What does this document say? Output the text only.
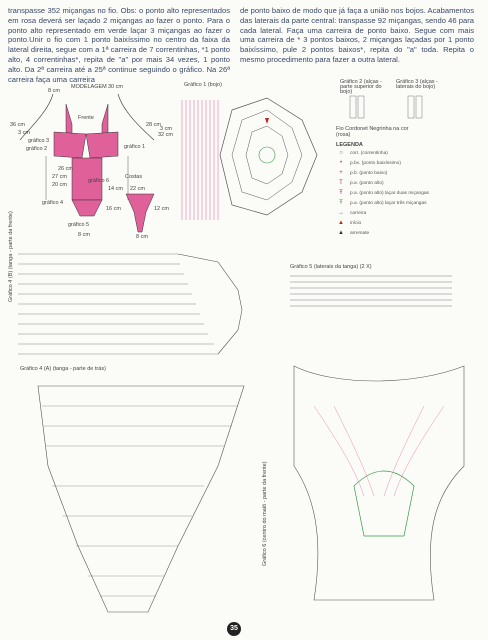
transpasse 352 miçangas no fio. Obs: o ponto alto representados em rosa deverá ser laçado 2 miçangas ao fazer o ponto. Para o ponto alto representado em verde laçar 3 miçangas ao fazer o ponto.Unir o fio com 1 ponto baixíssimo no centro da faixa da lateral direita, segue com a 1ª carreira de 7 correntinhas, *1 ponto alto, 4 correntinhas*, repita de "a" por mais 34 vezes, 1 ponto alto. Da 2ª carreira até a 25ª continue seguindo o gráfico. Na 26ª carreira faça uma carreira
de ponto baixo de modo que já faça a união nos bojos. Acabamentos das laterais da parte central: transpasse 92 miçangas, sendo 46 para cada lateral. Faça uma carreira de ponto baixo. Segue com mais uma carreira de * 3 pontos baixos, 2 miçangas laçadas por 1 ponto baixíssimo, pule 2 pontos baixos*, repita do "a" toda. Repita o mesmo procedimento para fazer a outra lateral.
MODELAGEM
Frente
Costas
3 cm
gráfico 3
gráfico 2	gráfico 1
gráfico 6
gráfico 4
gráfico 5
36 cm	28 cm
32 cm
30 cm
8 cm
16 cm
14 cm
20 cm
27 cm
12 cm
26 cm
22 cm
8 cm	8 cm
3 cm
Gráfico 1 (bojo)	Gráfico 2 (alças - parte superior do bojo)
Gráfico 3 (alças - laterais do bojo)
Fio Cordonet Negrinha na cor (rosa)
LEGENDA
○	corr. (correntinha)
•	p.bx. (ponto baixíssimo)
+	p.b. (ponto baixo)
T	p.a. (ponto alto)
Ŧ	p.a. (ponto alto) laçar duas miçangas
Ŧ	p.a. (ponto alto) laçar três miçangas
→	carreira
▲	início
▲	arremate
Gráfico 4 (B) (tanga - parte da frente)	Gráfico 5 (laterais da tanga) (2 X)
Gráfico 4 (A) (tanga - parte de trás)
Gráfico 6 (centro do maiô - parte da frente)
35
